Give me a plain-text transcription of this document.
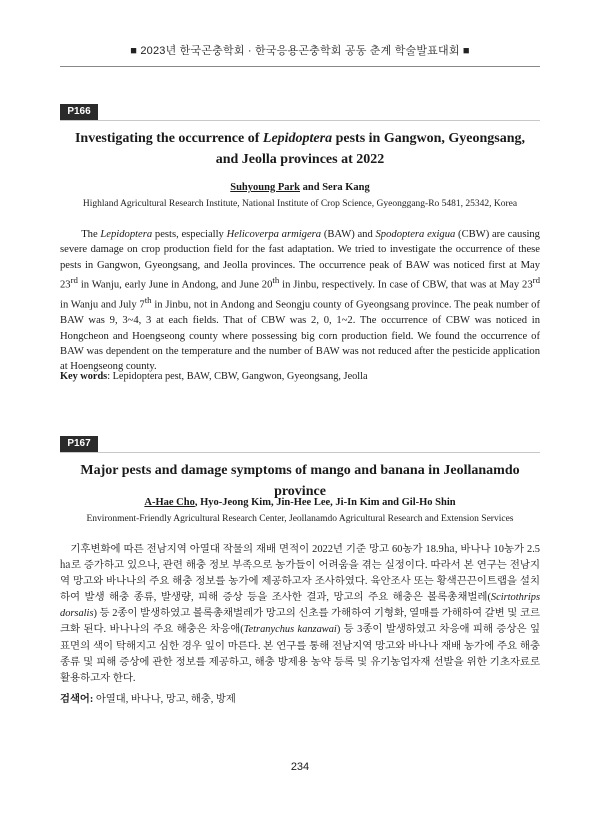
■ 2023년 한국곤충학회 · 한국응용곤충학회 공동 춘계 학술발표대회 ■
P166
Investigating the occurrence of Lepidoptera pests in Gangwon, Gyeongsang,
and Jeolla provinces at 2022
Suhyoung Park and Sera Kang
Highland Agricultural Research Institute, National Institute of Crop Science, Gyeonggang-Ro 5481, 25342, Korea

The Lepidoptera pests, especially Helicoverpa armigera (BAW) and Spodoptera exigua (CBW) are causing severe damage on crop production field for the fast adaptation. We tried to investigate the occurrence of these pests in Gangwon, Gyeongsang, and Jeolla provinces. The occurrence peak of BAW was noticed first at May 23rd in Wanju, early June in Andong, and June 20th in Jinbu, respectively. In case of CBW, that was at May 23rd in Wanju and July 7th in Jinbu, not in Andong and Seongju county of Gyeongsang province. The peak number of BAW was 9, 3~4, 3 at each fields. That of CBW was 2, 0, 1~2. The occurrence of CBW was noticed in Hongcheon and Hoengseong county where possessing big corn production field. We found the occurrence of BAW was dependent on the temperature and the number of BAW was not reduced after the pesticide application at Hoengseong county.

Key words: Lepidoptera pest, BAW, CBW, Gangwon, Gyeongsang, Jeolla
P167
Major pests and damage symptoms of mango and banana in Jeollanamdo province
A-Hae Cho, Hyo-Jeong Kim, Jin-Hee Lee, Ji-In Kim and Gil-Ho Shin
Environment-Friendly Agricultural Research Center, Jeollanamdo Agricultural Research and Extension Services

기후변화에 따른 전남지역 아열대 작물의 재배 면적이 2022년 기준 망고 60농가 18.9㏊, 바나나 10농가 2.5㏊로 증가하고 있으나, 관련 해충 정보 부족으로 농가들이 어려움을 겪는 실정이다. 따라서 본 연구는 전남지역 망고와 바나나의 주요 해충 정보를 농가에 제공하고자 조사하였다. 육안조사 또는 황색끈끈이트랩을 설치하여 발생 해충 종류, 발생량, 피해 증상 등을 조사한 결과, 망고의 주요 해충은 볼록총채벌레(Scirtothrips dorsalis) 등 2종이 발생하였고 볼록총채벌레가 망고의 신초를 가해하여 기형화, 열매를 가해하여 갈변 및 코르크화 된다. 바나나의 주요 해충은 차응애(Tetranychus kanzawai) 등 3종이 발생하였고 차응애 피해 증상은 잎 표면의 색이 탁해지고 심한 경우 잎이 마른다. 본 연구를 통해 전남지역 망고와 바나나 재배 농가에 주요 해충 종류 및 피해 증상에 관한 정보를 제공하고, 해충 방제용 농약 등록 및 유기농업자재 선발을 위한 기초자료로 활용하고자 한다.

검색어: 아열대, 바나나, 망고, 해충, 방제
234
